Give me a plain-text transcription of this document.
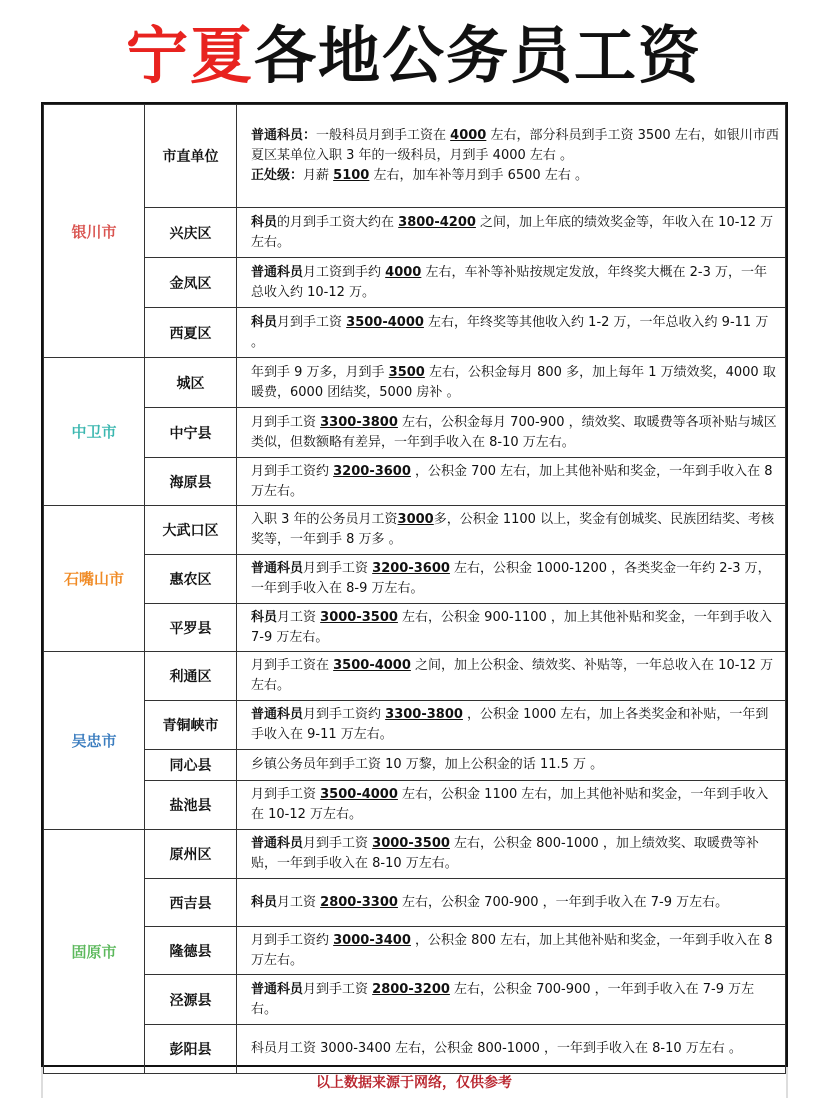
宁夏 各地公务员工资
银川市	市直单位	普通科员：一般科员月到手工资在 4000 左右，部分科员到手工资 3500 左右，如银川市西夏区某单位入职 3 年的一级科员，月到手 4000 左右 。
正处级：月薪 5100 左右，加车补等月到手 6500 左右 。
	兴庆区	科员的月到手工资大约在 3800-4200 之间，加上年底的绩效奖金等，年收入在 10-12 万左右。
	金凤区	普通科员月工资到手约 4000 左右，车补等补贴按规定发放，年终奖大概在 2-3 万，一年总收入约 10-12 万。
	西夏区	科员月到手工资 3500-4000 左右，年终奖等其他收入约 1-2 万，一年总收入约 9-11 万 。
中卫市	城区	年到手 9 万多，月到手 3500 左右，公积金每月 800 多，加上每年 1 万绩效奖，4000 取暖费，6000 团结奖，5000 房补 。
	中宁县	月到手工资 3300-3800 左右，公积金每月 700-900 ，绩效奖、取暖费等各项补贴与城区类似，但数额略有差异，一年到手收入在 8-10 万左右。
	海原县	月到手工资约 3200-3600 ，公积金 700 左右，加上其他补贴和奖金，一年到手收入在 8 万左右。
石嘴山市	大武口区	入职 3 年的公务员月工资3000多，公积金 1100 以上，奖金有创城奖、民族团结奖、考核奖等，一年到手 8 万多 。
	惠农区	普通科员月到手工资 3200-3600 左右，公积金 1000-1200 ，各类奖金一年约 2-3 万，一年到手收入在 8-9 万左右。
	平罗县	科员月工资 3000-3500 左右，公积金 900-1100 ，加上其他补贴和奖金，一年到手收入 7-9 万左右。
吴忠市	利通区	月到手工资在 3500-4000 之间，加上公积金、绩效奖、补贴等，一年总收入在 10-12 万左右。
	青铜峡市	普通科员月到手工资约 3300-3800 ，公积金 1000 左右，加上各类奖金和补贴，一年到手收入在 9-11 万左右。
	同心县	乡镇公务员年到手工资 10 万黎，加上公积金的话 11.5 万 。
	盐池县	月到手工资 3500-4000 左右，公积金 1100 左右，加上其他补贴和奖金，一年到手收入在 10-12 万左右。
固原市	原州区	普通科员月到手工资 3000-3500 左右，公积金 800-1000 ，加上绩效奖、取暖费等补贴，一年到手收入在 8-10 万左右。
	西吉县	科员月工资 2800-3300 左右，公积金 700-900 ，一年到手收入在 7-9 万左右。
	隆德县	月到手工资约 3000-3400 ，公积金 800 左右，加上其他补贴和奖金，一年到手收入在 8 万左右。
	泾源县	普通科员月到手工资 2800-3200 左右，公积金 700-900 ，一年到手收入在 7-9 万左右。
	彭阳县	科员月工资 3000-3400 左右，公积金 800-1000 ，一年到手收入在 8-10 万左右 。
以上数据来源于网络，仅供参考
